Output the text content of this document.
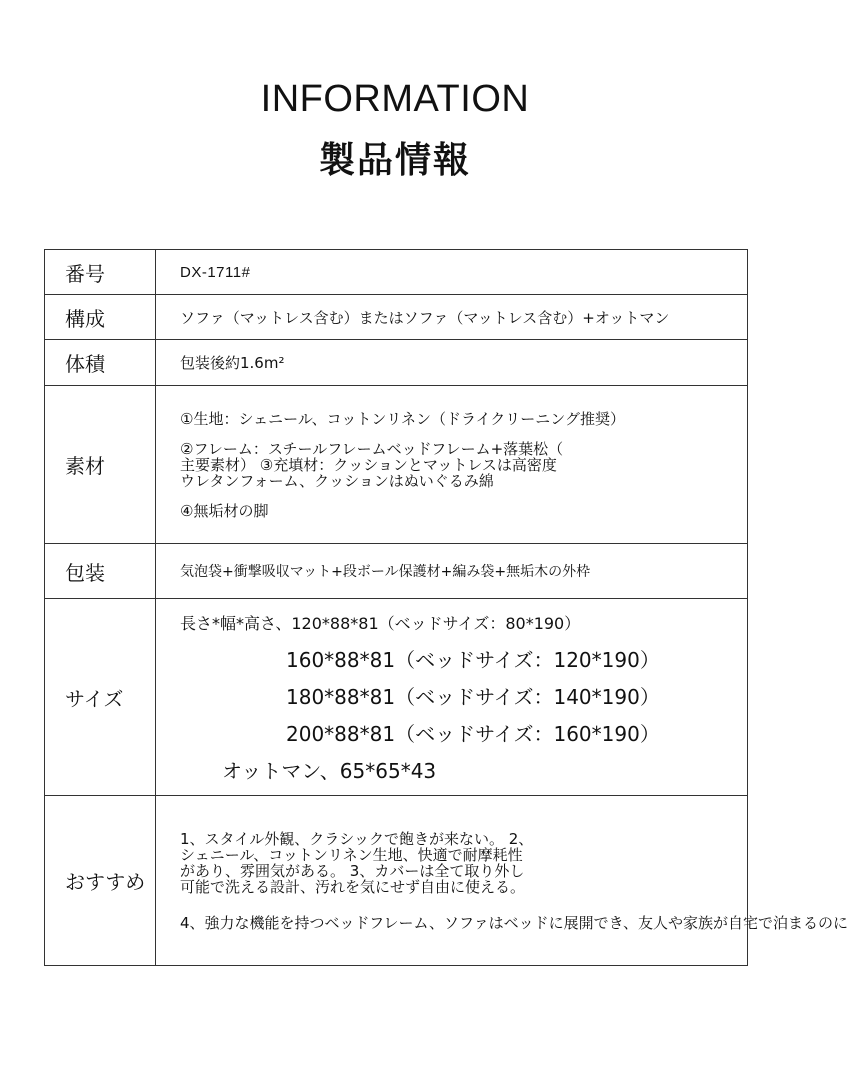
INFORMATION
製品情報
番号	DX-1711#
構成	ソファ（マットレス含む）またはソファ（マットレス含む）+オットマン
体積	包装後約1.6m²
素材	①生地：シェニール、コットンリネン（ドライクリーニング推奨）
②フレーム：スチールフレームベッドフレーム+落葉松（
主要素材） ③充填材：クッションとマットレスは高密度
ウレタンフォーム、クッションはぬいぐるみ綿
④無垢材の脚

包装	気泡袋+衝撃吸収マット+段ボール保護材+編み袋+無垢木の外枠
サイズ	長さ*幅*高さ、120*88*81（ベッドサイズ：80*190）
160*88*81（ベッドサイズ：120*190）
180*88*81（ベッドサイズ：140*190）
200*88*81（ベッドサイズ：160*190）
オットマン、65*65*43

おすすめ	1、スタイル外観、クラシックで飽きが来ない。 2、
シェニール、コットンリネン生地、快適で耐摩耗性
があり、雰囲気がある。 3、カバーは全て取り外し
可能で洗える設計、汚れを気にせず自由に使える。
4、強力な機能を持つベッドフレーム、ソファはベッドに展開でき、友人や家族が自宅で泊まるのに
